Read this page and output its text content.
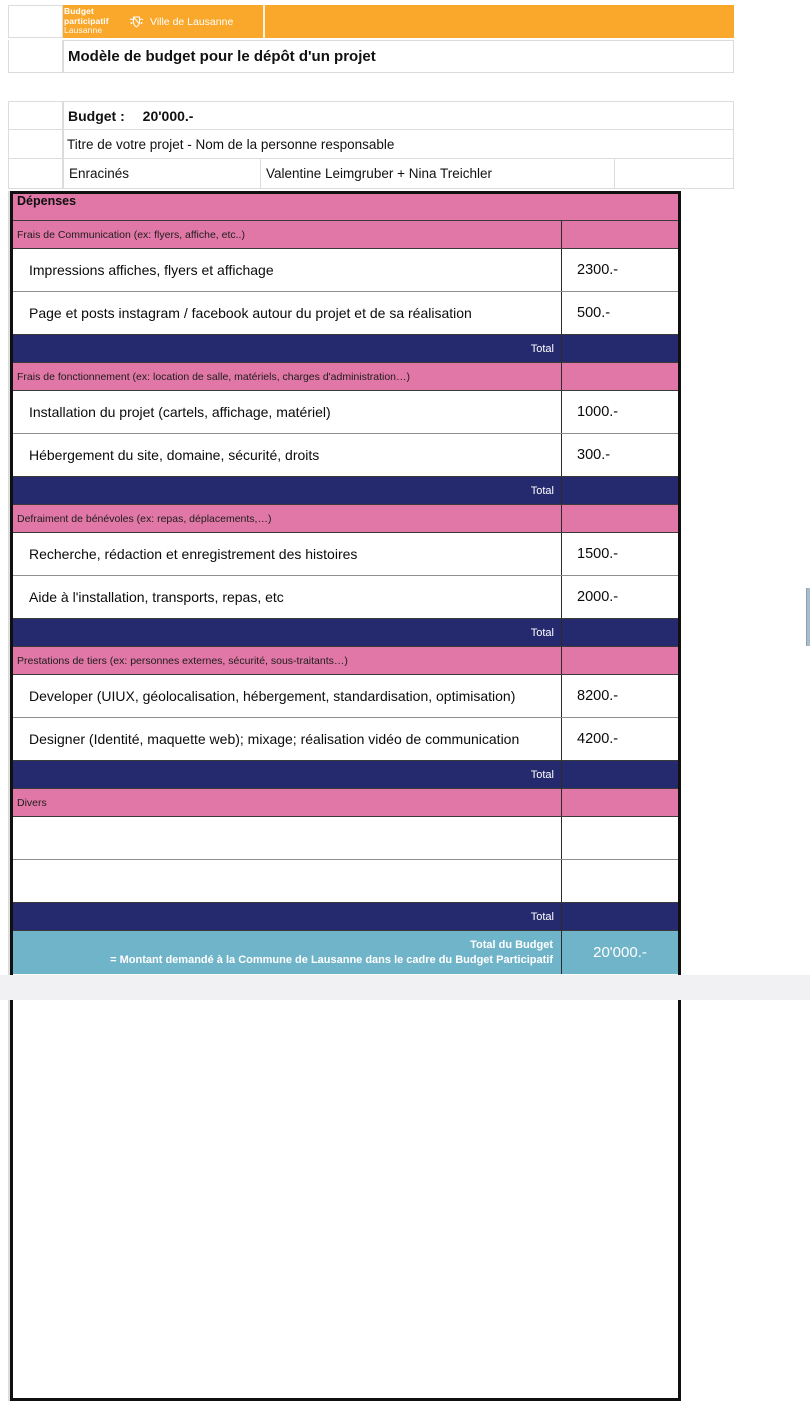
Budget
participatif
Lausanne
Ville de Lausanne
Modèle de budget pour le dépôt d'un projet
Budget : 20'000.-
Titre de votre projet - Nom de la personne responsable
Enracinés	Valentine Leimgruber + Nina Treichler
Dépenses
Frais de Communication (ex: flyers, affiche, etc..)
Impressions affiches, flyers et affichage	2300.-
Page et posts instagram / facebook autour du projet et de sa réalisation	500.-
Total
Frais de fonctionnement (ex: location de salle, matériels, charges d'administration…)
Installation du projet (cartels, affichage, matériel)	1000.-
Hébergement du site, domaine, sécurité, droits	300.-
Total
Defraiment de bénévoles (ex: repas, déplacements,…)
Recherche, rédaction et enregistrement des histoires	1500.-
Aide à l'installation, transports, repas, etc	2000.-
Total
Prestations de tiers (ex: personnes externes, sécurité, sous-traitants…)
Developer (UIUX, géolocalisation, hébergement, standardisation, optimisation)	8200.-
Designer (Identité, maquette web); mixage; réalisation vidéo de communication	4200.-
Total
Divers
Total
Total du Budget
= Montant demandé à la Commune de Lausanne dans le cadre du Budget Participatif	20'000.-
